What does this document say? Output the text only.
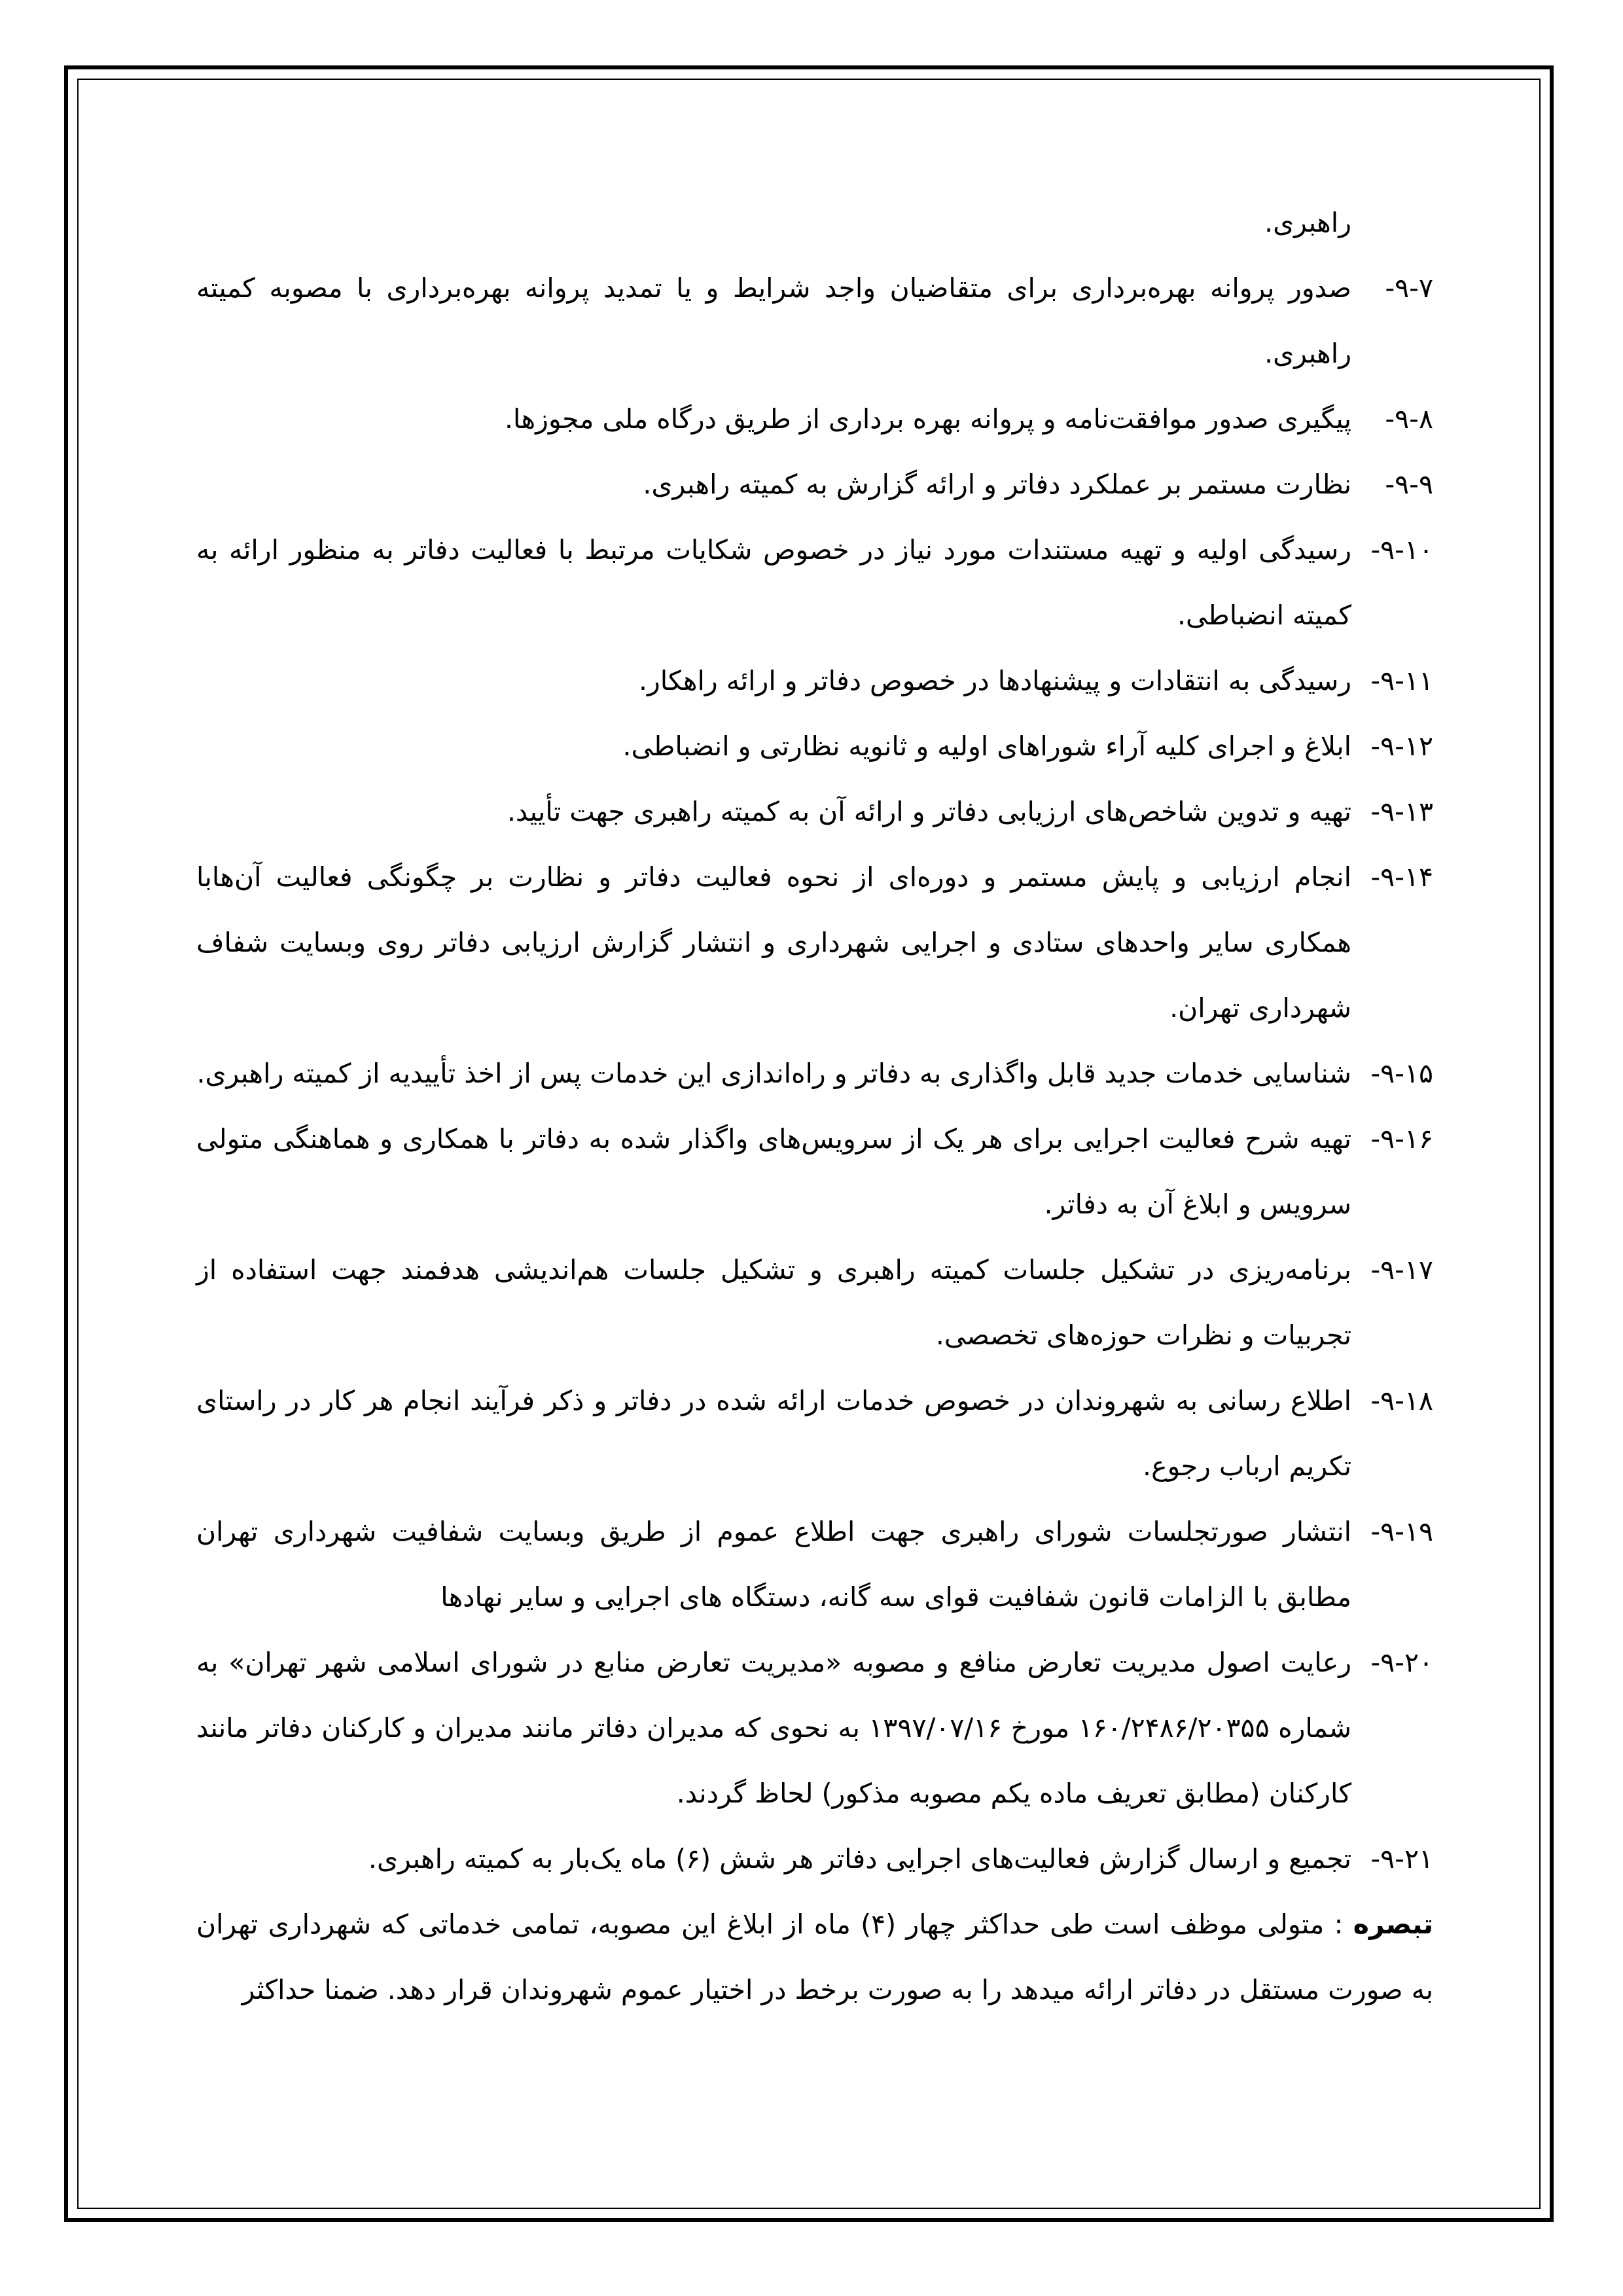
راهبری.
۹-۷-
صدور پروانه بهره‌برداری برای متقاضیان واجد شرایط و یا تمدید پروانه بهره‌برداری با مصوبه کمیته راهبری.
۹-۸-
پیگیری صدور موافقت‌نامه و پروانه بهره برداری از طریق درگاه ملی مجوزها.
۹-۹-
نظارت مستمر بر عملکرد دفاتر و ارائه گزارش به کمیته راهبری.
۹-۱۰-
رسیدگی اولیه و تهیه مستندات مورد نیاز در خصوص شکایات مرتبط با فعالیت دفاتر به منظور ارائه به کمیته انضباطی.
۹-۱۱-
رسیدگی به انتقادات و پیشنهادها در خصوص دفاتر و ارائه راهکار.
۹-۱۲-
ابلاغ و اجرای کلیه آراء شوراهای اولیه و ثانویه نظارتی و انضباطی.
۹-۱۳-
تهیه و تدوین شاخص‌های ارزیابی دفاتر و ارائه آن به کمیته راهبری جهت تأیید.
۹-۱۴-
انجام ارزیابی و پایش مستمر و دوره‌ای از نحوه فعالیت دفاتر و نظارت بر چگونگی فعالیت آن‌هابا همکاری سایر واحدهای ستادی و اجرایی شهرداری و انتشار گزارش ارزیابی دفاتر روی وبسایت شفاف شهرداری تهران.
۹-۱۵-
شناسایی خدمات جدید قابل واگذاری به دفاتر و راه‌اندازی این خدمات پس از اخذ تأییدیه از کمیته راهبری.
۹-۱۶-
تهیه شرح فعالیت اجرایی برای هر یک از سرویس‌های واگذار شده به دفاتر با همکاری و هماهنگی متولی سرویس و ابلاغ آن به دفاتر.
۹-۱۷-
برنامه‌ریزی در تشکیل جلسات کمیته راهبری و تشکیل جلسات هم‌اندیشی هدفمند جهت استفاده از تجربیات و نظرات حوزه‌های تخصصی.
۹-۱۸-
اطلاع رسانی به شهروندان در خصوص خدمات ارائه شده در دفاتر و ذکر فرآیند انجام هر کار در راستای تکریم ارباب رجوع.
۹-۱۹-
انتشار صورتجلسات شورای راهبری جهت اطلاع عموم از طریق وبسایت شفافیت شهرداری تهران مطابق با الزامات قانون شفافیت قوای سه گانه، دستگاه های اجرایی و سایر نهادها
۹-۲۰-
رعایت اصول مدیریت تعارض منافع و مصوبه «مدیریت تعارض منابع در شورای اسلامی شهر تهران» به شماره ۱۶۰/۲۴۸۶/۲۰۳۵۵ مورخ ۱۳۹۷/۰۷/۱۶ به نحوی که مدیران دفاتر مانند مدیران و کارکنان دفاتر مانند کارکنان (مطابق تعریف ماده یکم مصوبه مذکور) لحاظ گردند.
۹-۲۱-
تجمیع و ارسال گزارش فعالیت‌های اجرایی دفاتر هر شش (۶) ماه یک‌بار به کمیته راهبری.
تبصره : متولی موظف است طی حداکثر چهار (۴) ماه از ابلاغ این مصوبه، تمامی خدماتی که شهرداری تهران به صورت مستقل در دفاتر ارائه میدهد را به صورت برخط در اختیار عموم شهروندان قرار دهد. ضمنا حداکثر
